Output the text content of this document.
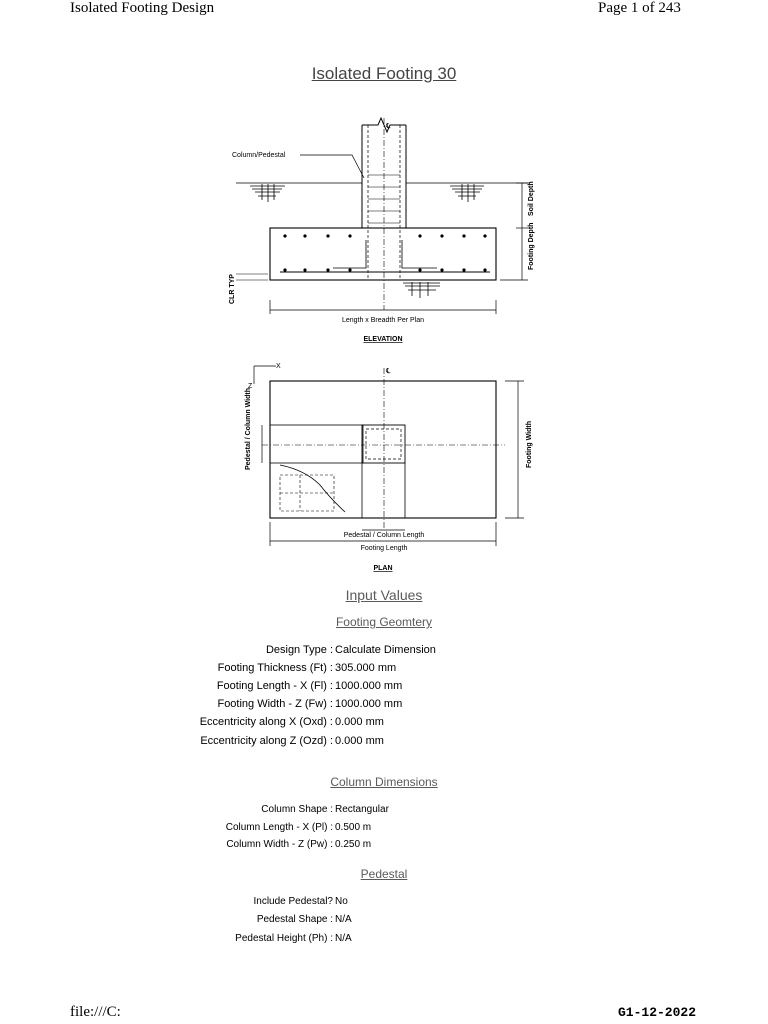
Isolated Footing Design	Page 1 of 243
Isolated Footing 30
℄
Column/Pedestal
Soil Depth
Footing Depth
CLR TYP
Length x Breadth Per Plan
ELEVATION
℄
X
Z
Pedestal / Column Width	Footing Width
Pedestal / Column Length
Footing Length
PLAN
Input Values
Footing Geomtery
Design Type : Calculate Dimension
Footing Thickness (Ft) : 305.000 mm
Footing Length - X (Fl) : 1000.000 mm
Footing Width - Z (Fw) : 1000.000 mm
Eccentricity along X (Oxd) : 0.000 mm
Eccentricity along Z (Ozd) : 0.000 mm
Column Dimensions
Column Shape : Rectangular
Column Length - X (Pl) : 0.500 m
Column Width - Z (Pw) : 0.250 m
Pedestal
Include Pedestal? No
Pedestal Shape : N/A
Pedestal Height (Ph) : N/A
file:///C:	G1-12-2022
